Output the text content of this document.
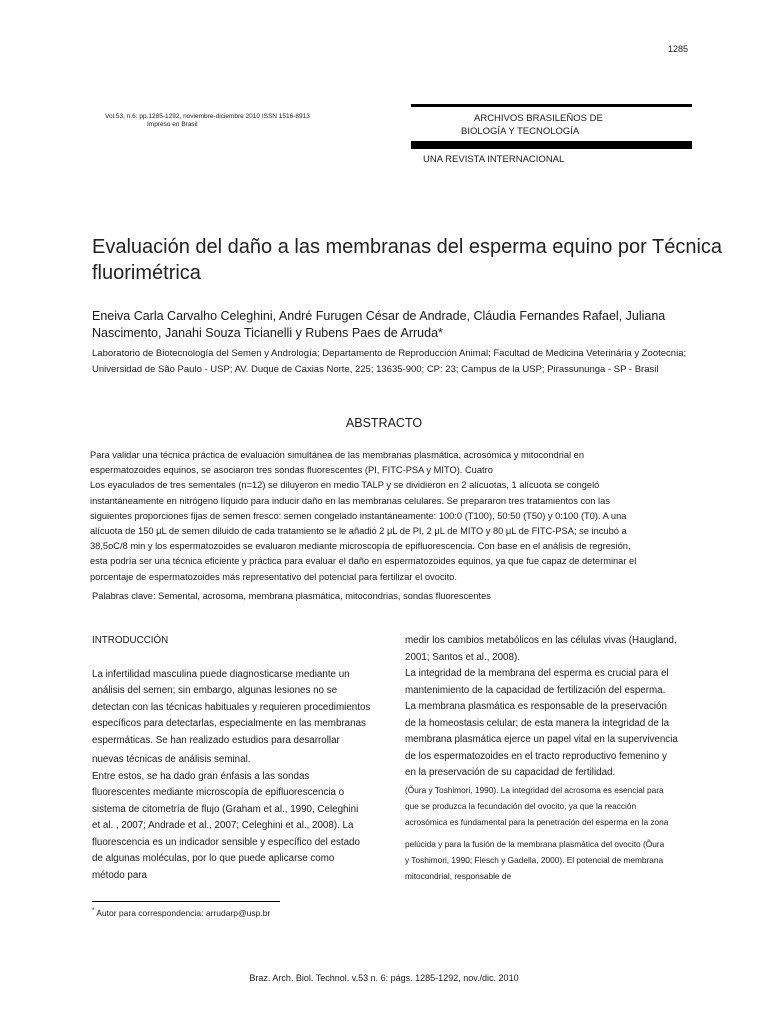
1285
Vol.53, n.6: pp.1285-1292, noviembre-diciembre 2010 ISSN 1516-8913
Impreso en Brasil
ARCHIVOS BRASILEÑOS DE
BIOLOGÍA Y TECNOLOGÍA
UNA REVISTA INTERNACIONAL
Evaluación del daño a las membranas del esperma equino por Técnica fluorimétrica
Eneiva Carla Carvalho Celeghini, André Furugen César de Andrade, Cláudia Fernandes Rafael, Juliana Nascimento, Janahi Souza Ticianelli y Rubens Paes de Arruda*
Laboratorio de Biotecnología del Semen y Andrología; Departamento de Reproducción Animal; Facultad de Medicina Veterinária y Zootecnia; Universidad de São Paulo - USP; AV. Duque de Caxias Norte, 225; 13635-900; CP: 23; Campus de la USP; Pirassununga - SP - Brasil
ABSTRACTO
Para validar una técnica práctica de evaluación simultánea de las membranas plasmática, acrosómica y mitocondrial en
espermatozoides equinos, se asociaron tres sondas fluorescentes (PI, FITC-PSA y MITO). Cuatro
Los eyaculados de tres sementales (n=12) se diluyeron en medio TALP y se dividieron en 2 alícuotas, 1 alícuota se congeló
instantáneamente en nitrógeno líquido para inducir daño en las membranas celulares. Se prepararon tres tratamientos con las
siguientes proporciones fijas de semen fresco: semen congelado instantáneamente: 100:0 (T100), 50:50 (T50) y 0:100 (T0). A una
alícuota de 150 μL de semen diluido de cada tratamiento se le añadió 2 μL de PI, 2 μL de MITO y 80 μL de FITC-PSA; se incubó a
38,5oC/8 min y los espermatozoides se evaluaron mediante microscopía de epifluorescencia. Con base en el análisis de regresión,
esta podría ser una técnica eficiente y práctica para evaluar el daño en espermatozoides equinos, ya que fue capaz de determinar el
porcentaje de espermatozoides más representativo del potencial para fertilizar el ovocito.
Palabras clave: Semental, acrosoma, membrana plasmática, mitocondrias, sondas fluorescentes
INTRODUCCIÓN
La infertilidad masculina puede diagnosticarse mediante un
análisis del semen; sin embargo, algunas lesiones no se
detectan con las técnicas habituales y requieren procedimientos
específicos para detectarlas, especialmente en las membranas
espermáticas. Se han realizado estudios para desarrollar
nuevas técnicas de análisis seminal.
Entre estos, se ha dado gran énfasis a las sondas
fluorescentes mediante microscopía de epifluorescencia o
sistema de citometría de flujo (Graham et al., 1990, Celeghini
et al. , 2007; Andrade et al., 2007; Celeghini et al., 2008). La
fluorescencia es un indicador sensible y específico del estado
de algunas moléculas, por lo que puede aplicarse como
método para
medir los cambios metabólicos en las células vivas (Haugland,
2001; Santos et al., 2008).
La integridad de la membrana del esperma es crucial para el
mantenimiento de la capacidad de fertilización del esperma.
La membrana plasmática es responsable de la preservación
de la homeostasis celular; de esta manera la integridad de la
membrana plasmática ejerce un papel vital en la supervivencia
de los espermatozoides en el tracto reproductivo femenino y
en la preservación de su capacidad de fertilidad.
(Õura y Toshimori, 1990). La integridad del acrosoma es esencial para
que se produzca la fecundación del ovocito, ya que la reacción
acrosómica es fundamental para la penetración del esperma en la zona
pelúcida y para la fusión de la membrana plasmática del ovocito (Õura
y Toshimori, 1990; Flesch y Gadella, 2000). El potencial de membrana
mitocondrial, responsable de
* Autor para correspondencia: arrudarp@usp.br
Braz. Arch. Biol. Technol. v.53 n. 6: págs. 1285-1292, nov./dic. 2010
